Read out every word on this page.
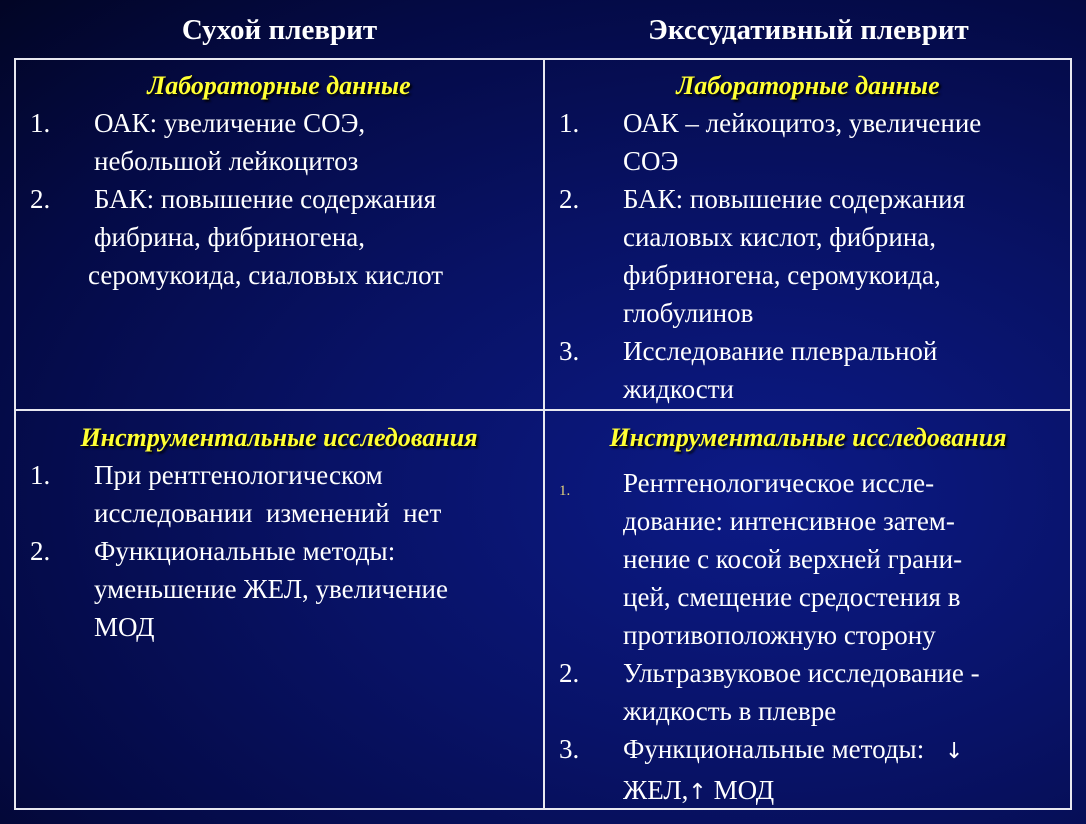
Сухой плеврит	Экссудативный плеврит
Лабораторные данные
1. ОАК: увеличение СОЭ,
небольшой лейкоцитоз
2. БАК: повышение содержания
фибрина, фибриногена,
серомукоида, сиаловых кислот
Лабораторные данные
1. ОАК – лейкоцитоз, увеличение
СОЭ
2. БАК: повышение содержания
сиаловых кислот, фибрина,
фибриногена, серомукоида,
глобулинов
3. Исследование плевральной
жидкости
Инструментальные исследования
1. При рентгенологическом
исследовании  изменений  нет
2. Функциональные методы:
уменьшение ЖЕЛ, увеличение
МОД
Инструментальные исследования
1. Рентгенологическое иссле-
дование: интенсивное затем-
нение с косой верхней грани-
цей, смещение средостения в
противоположную сторону
2. Ультразвуковое исследование -
жидкость в плевре
3. Функциональные методы: ↓
ЖЕЛ,↑ МОД
